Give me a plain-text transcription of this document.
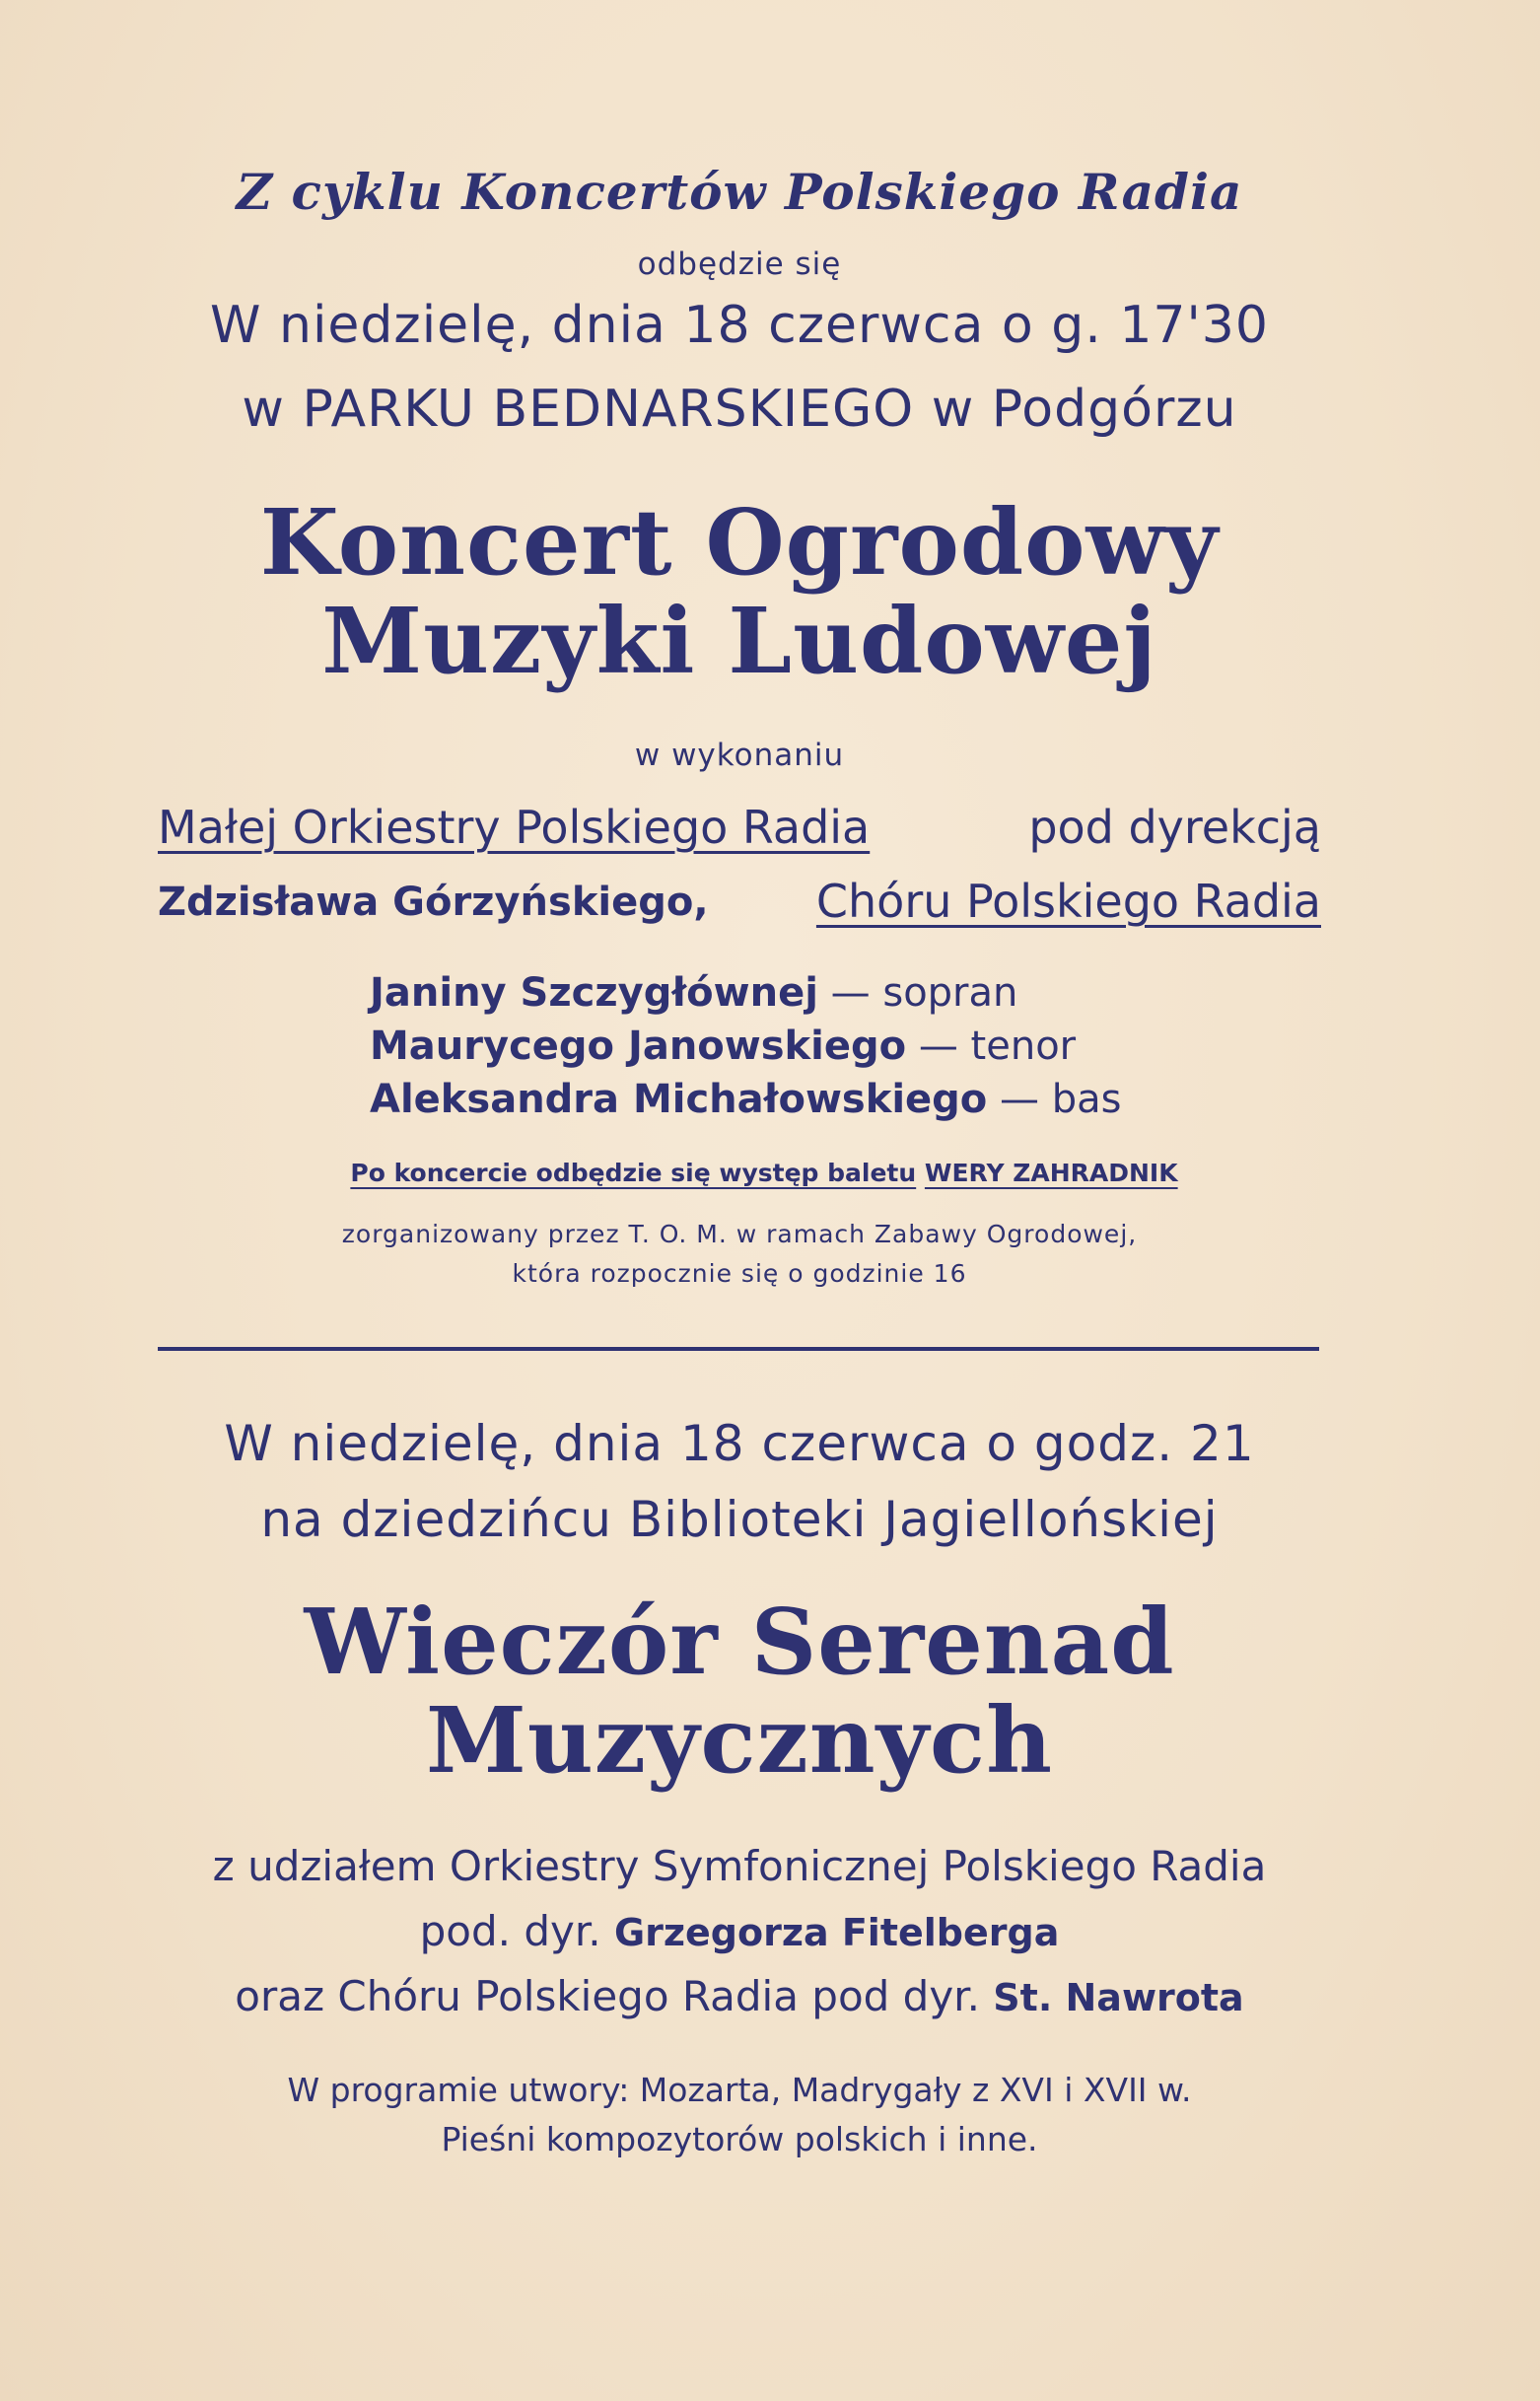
Z cyklu Koncertów Polskiego Radia
odbędzie się
W niedzielę, dnia 18 czerwca o g. 17'30
w PARKU BEDNARSKIEGO w Podgórzu
Koncert Ogrodowy
Muzyki Ludowej
w wykonaniu
Małej Orkiestry Polskiego Radia	pod dyrekcją
Zdzisława Górzyńskiego, Chóru Polskiego Radia
Janiny Szczygłównej — sopran
Maurycego Janowskiego — tenor
Aleksandra Michałowskiego — bas
Po koncercie odbędzie się występ baletu WERY ZAHRADNIK
zorganizowany przez T. O. M. w ramach Zabawy Ogrodowej,
która rozpocznie się o godzinie 16
W niedzielę, dnia 18 czerwca o godz. 21
na dziedzińcu Biblioteki Jagiellońskiej
Wieczór Serenad
Muzycznych
z udziałem Orkiestry Symfonicznej Polskiego Radia
pod. dyr. Grzegorza Fitelberga
oraz Chóru Polskiego Radia pod dyr. St. Nawrota
W programie utwory: Mozarta, Madrygały z XVI i XVII w.
Pieśni kompozytorów polskich i inne.
